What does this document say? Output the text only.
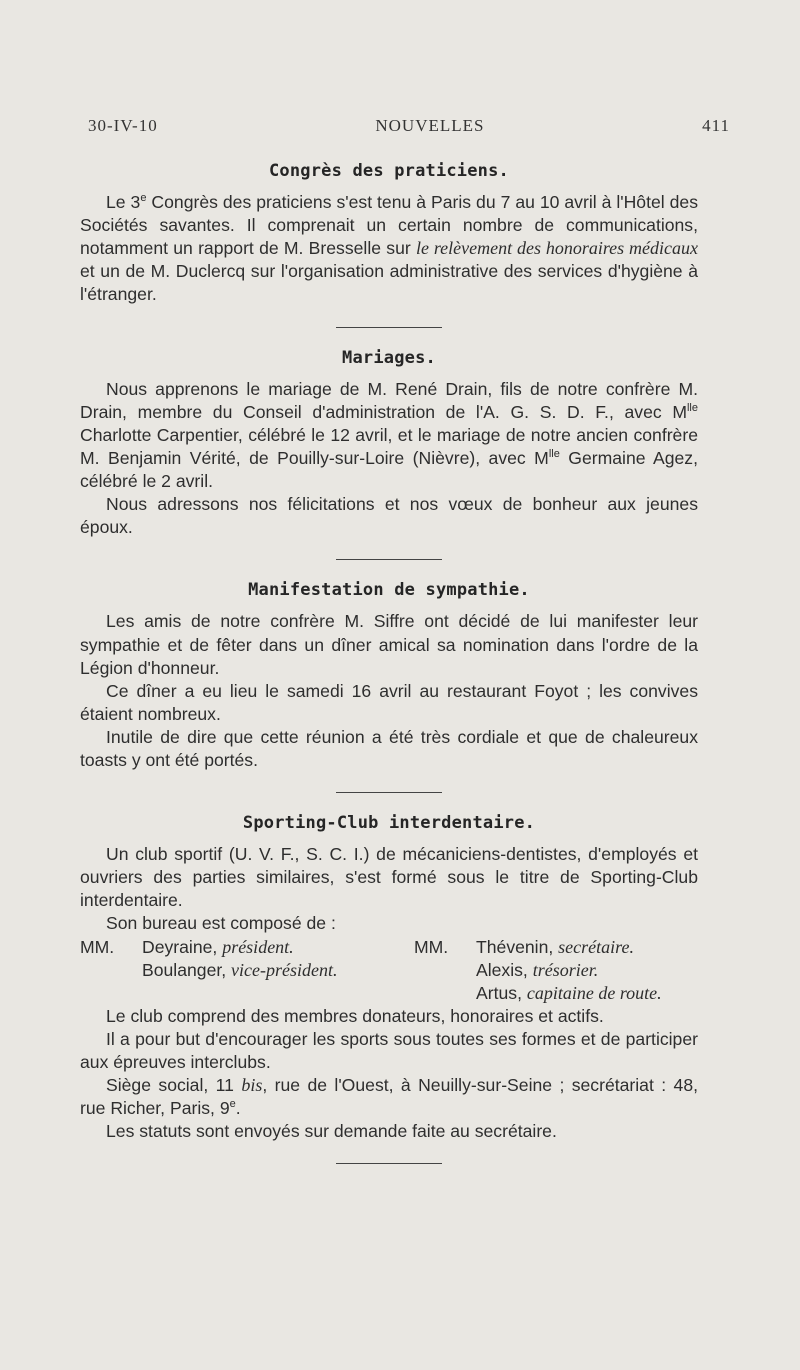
30-IV-10	NOUVELLES	411
Congrès des praticiens.

Le 3e Congrès des praticiens s'est tenu à Paris du 7 au 10 avril à l'Hôtel des Sociétés savantes. Il comprenait un certain nombre de communications, notamment un rapport de M. Bresselle sur le relèvement des honoraires médicaux et un de M. Duclercq sur l'organisation administrative des services d'hygiène à l'étranger.

Mariages.

Nous apprenons le mariage de M. René Drain, fils de notre confrère M. Drain, membre du Conseil d'administration de l'A. G. S. D. F., avec $M^{lle}$ Charlotte Carpentier, célébré le 12 avril, et le mariage de notre ancien confrère M. Benjamin Vérité, de Pouilly-sur-Loire (Nièvre), avec $M^{lle}$ Germaine Agez, célébré le 2 avril.

Nous adressons nos félicitations et nos vœux de bonheur aux jeunes époux.

Manifestation de sympathie.

Les amis de notre confrère M. Siffre ont décidé de lui manifester leur sympathie et de fêter dans un dîner amical sa nomination dans l'ordre de la Légion d'honneur.

Ce dîner a eu lieu le samedi 16 avril au restaurant Foyot ; les convives étaient nombreux.

Inutile de dire que cette réunion a été très cordiale et que de chaleureux toasts y ont été portés.

Sporting-Club interdentaire.

Un club sportif (U. V. F., S. C. I.) de mécaniciens-dentistes, d'employés et ouvriers des parties similaires, s'est formé sous le titre de Sporting-Club interdentaire.

Son bureau est composé de :

MM.	Deyraine, président.
Boulanger, vice-président.
MM.	Thévenin, secrétaire.
Alexis, trésorier.
Artus, capitaine de route.

Le club comprend des membres donateurs, honoraires et actifs.

Il a pour but d'encourager les sports sous toutes ses formes et de participer aux épreuves interclubs.

Siège social, 11 bis, rue de l'Ouest, à Neuilly-sur-Seine ; secrétariat : 48, rue Richer, Paris, 9e.

Les statuts sont envoyés sur demande faite au secrétaire.
